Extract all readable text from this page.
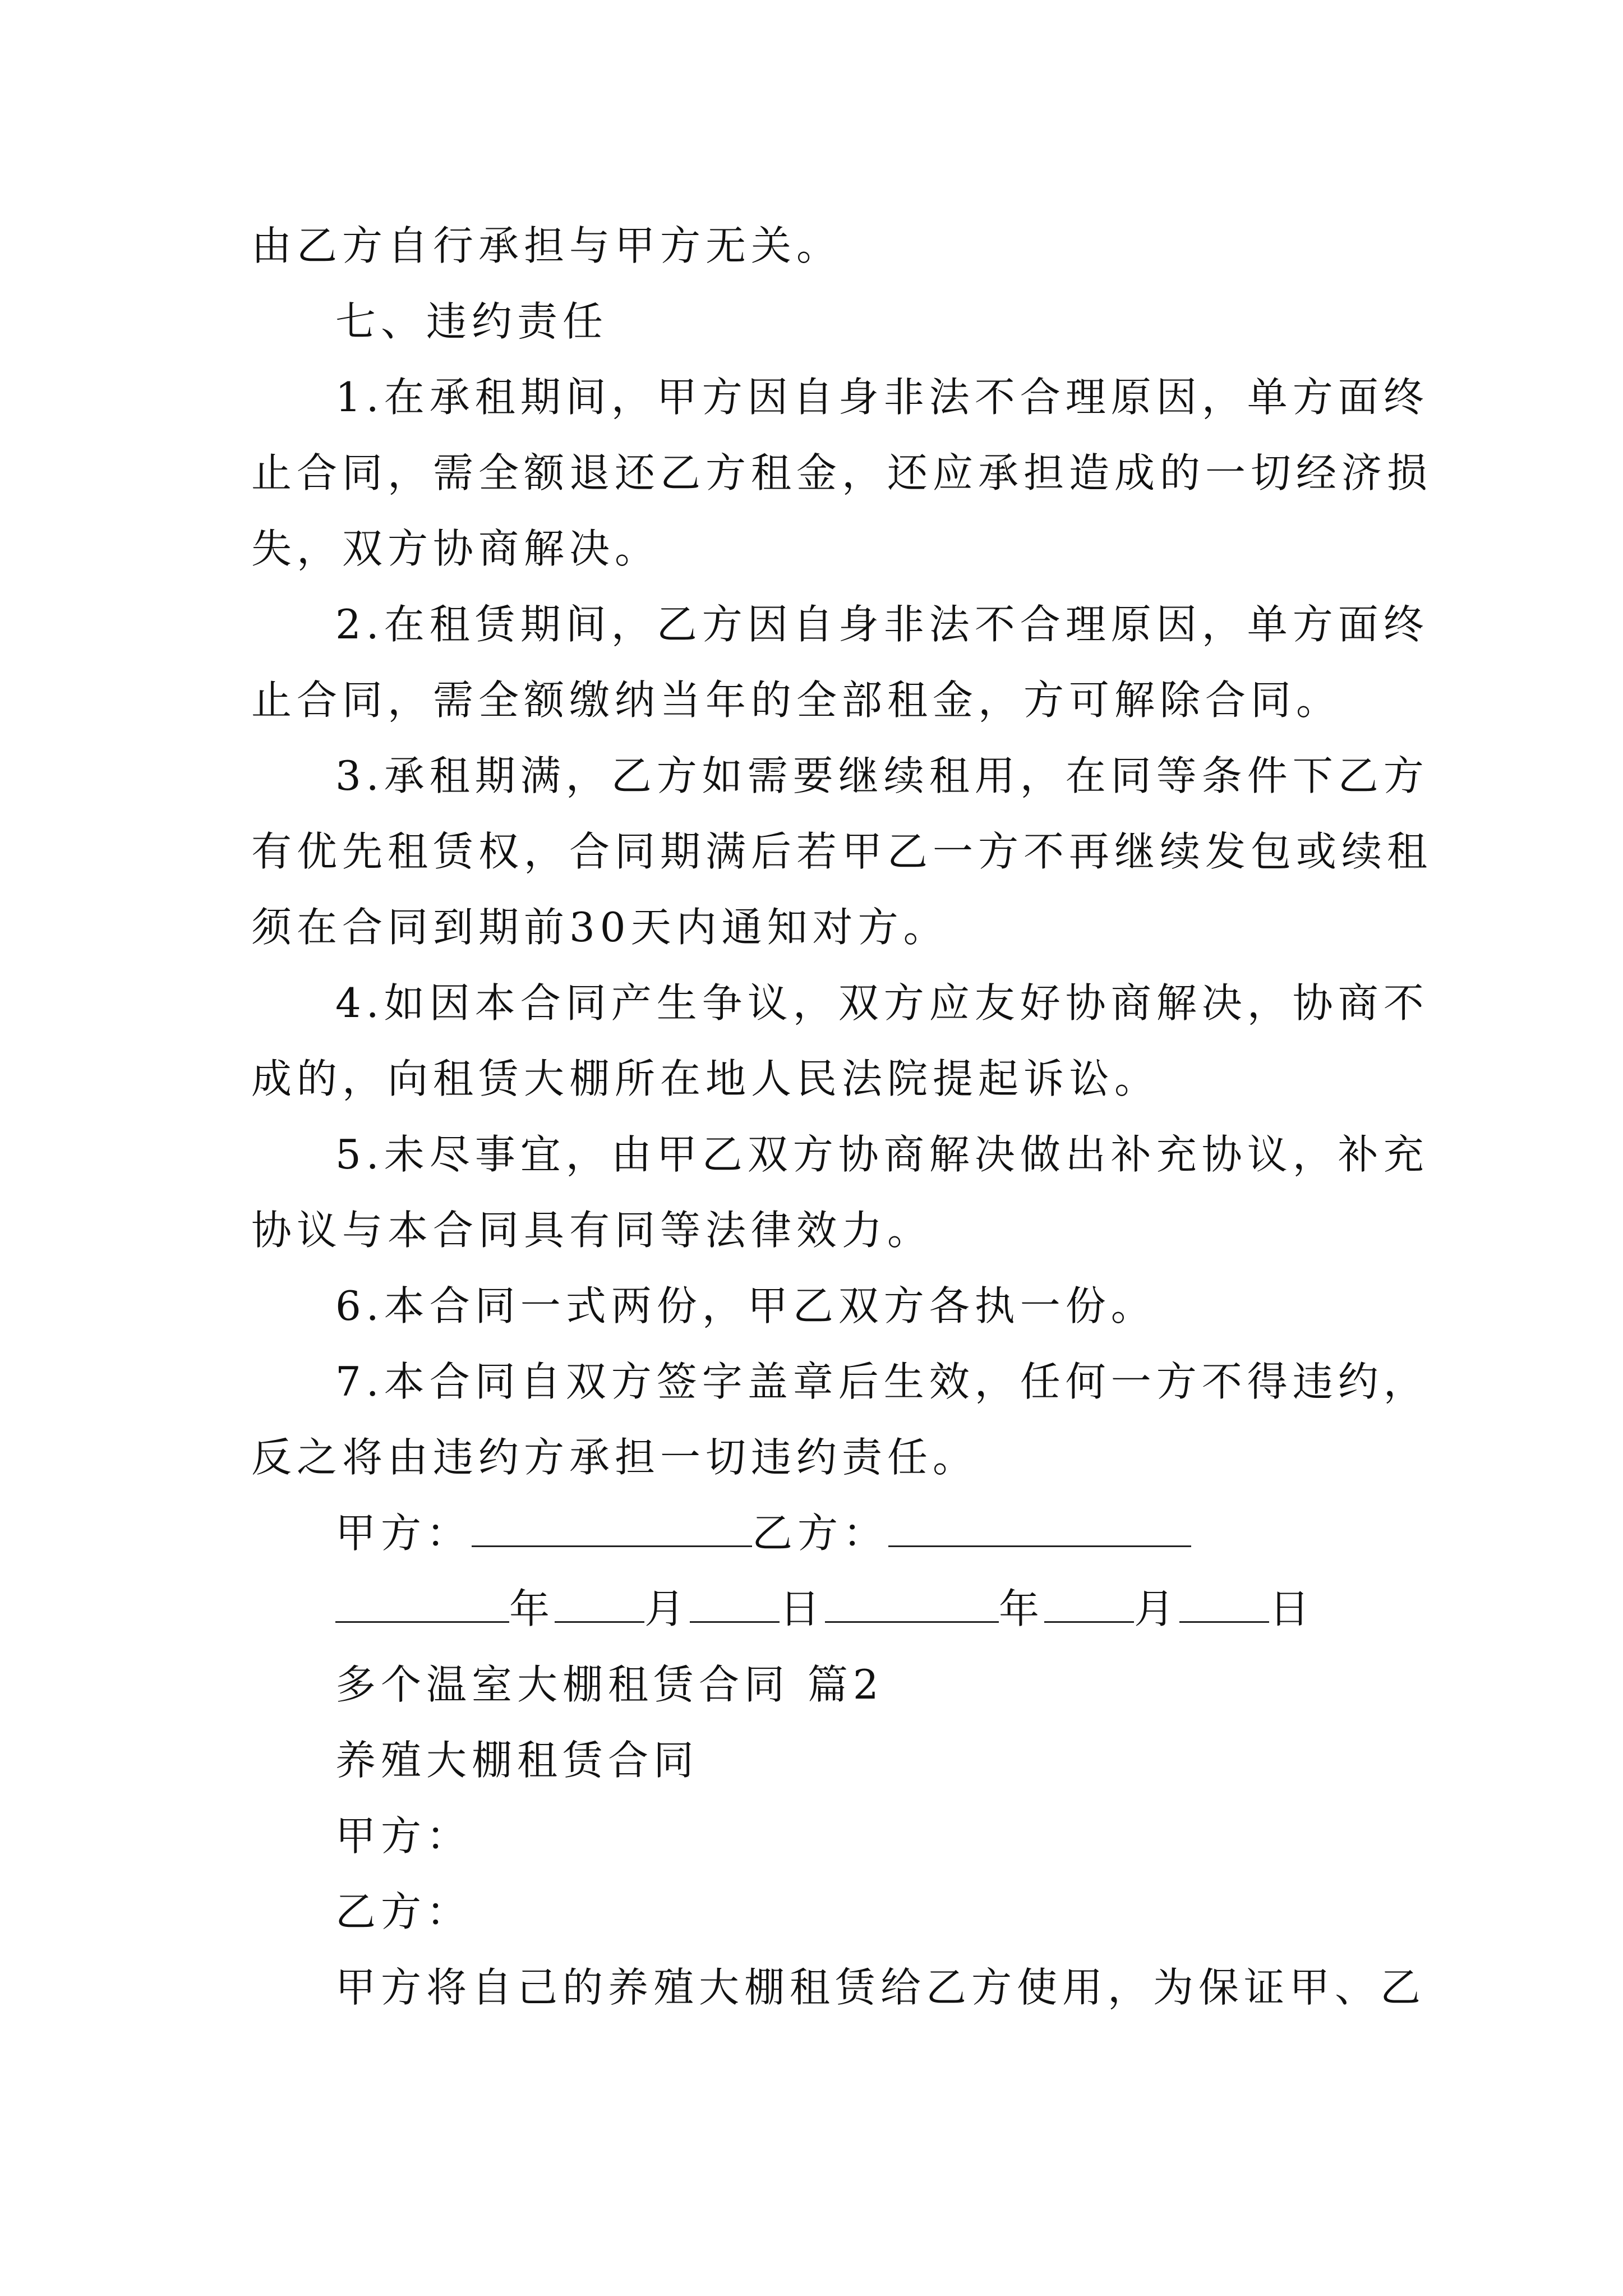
由乙方自行承担与甲方无关。
七、违约责任
1.在承租期间，甲方因自身非法不合理原因，单方面终
止合同，需全额退还乙方租金，还应承担造成的一切经济损
失，双方协商解决。
2.在租赁期间，乙方因自身非法不合理原因，单方面终
止合同，需全额缴纳当年的全部租金，方可解除合同。
3.承租期满，乙方如需要继续租用，在同等条件下乙方
有优先租赁权，合同期满后若甲乙一方不再继续发包或续租
须在合同到期前30天内通知对方。
4.如因本合同产生争议，双方应友好协商解决，协商不
成的，向租赁大棚所在地人民法院提起诉讼。
5.未尽事宜，由甲乙双方协商解决做出补充协议，补充
协议与本合同具有同等法律效力。
6.本合同一式两份，甲乙双方各执一份。
7.本合同自双方签字盖章后生效，任何一方不得违约，
反之将由违约方承担一切违约责任。
甲方：	乙方：
年 月 日	年 月 日
多个温室大棚租赁合同 篇2
养殖大棚租赁合同
甲方：
乙方：
甲方将自己的养殖大棚租赁给乙方使用，为保证甲、乙
